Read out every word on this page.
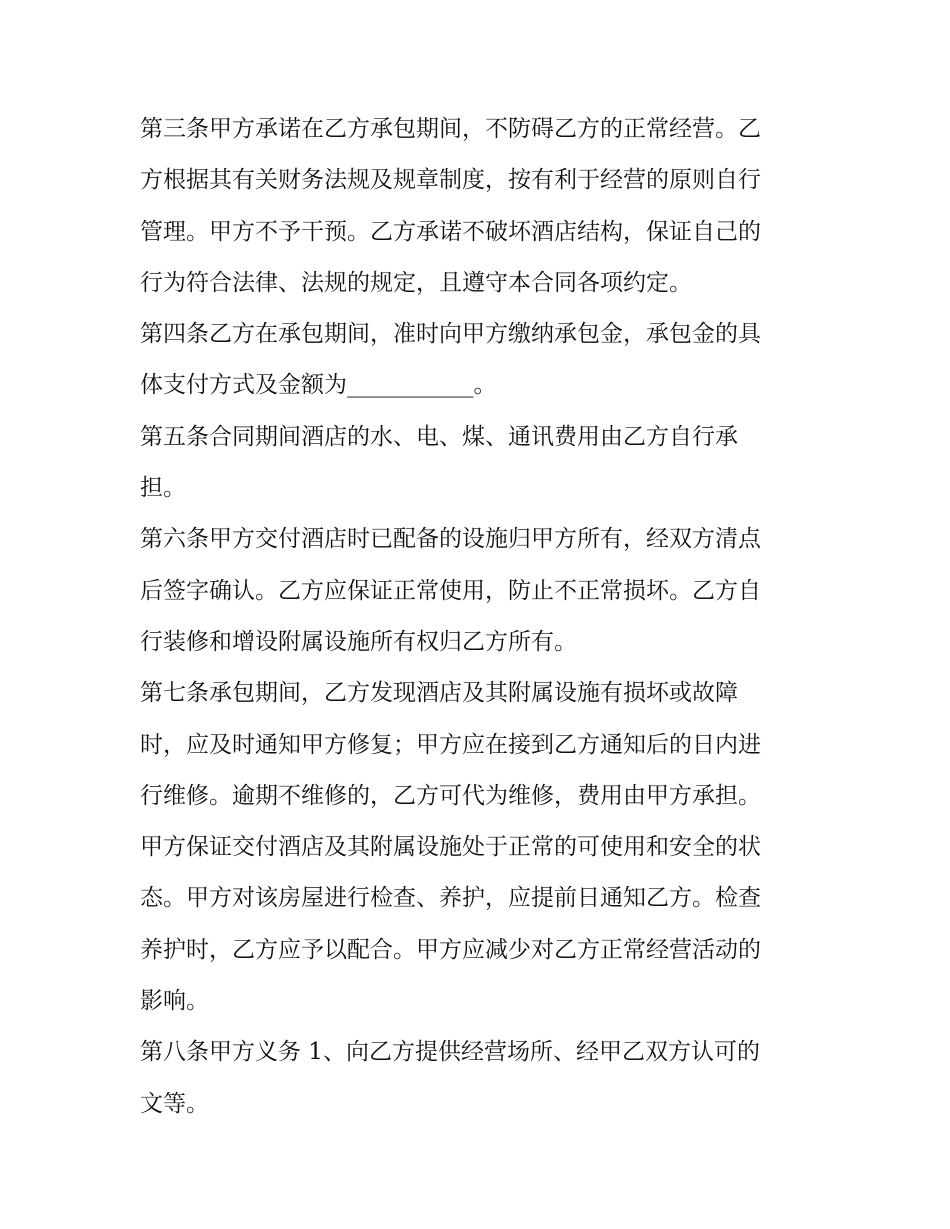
第三条甲方承诺在乙方承包期间，不防碍乙方的正常经营。乙
方根据其有关财务法规及规章制度，按有利于经营的原则自行
管理。甲方不予干预。乙方承诺不破坏酒店结构，保证自己的
行为符合法律、法规的规定，且遵守本合同各项约定。
第四条乙方在承包期间，准时向甲方缴纳承包金，承包金的具
体支付方式及金额为___________。
第五条合同期间酒店的水、电、煤、通讯费用由乙方自行承
担。
第六条甲方交付酒店时已配备的设施归甲方所有，经双方清点
后签字确认。乙方应保证正常使用，防止不正常损坏。乙方自
行装修和增设附属设施所有权归乙方所有。
第七条承包期间，乙方发现酒店及其附属设施有损坏或故障
时，应及时通知甲方修复；甲方应在接到乙方通知后的日内进
行维修。逾期不维修的，乙方可代为维修，费用由甲方承担。
甲方保证交付酒店及其附属设施处于正常的可使用和安全的状
态。甲方对该房屋进行检查、养护，应提前日通知乙方。检查
养护时，乙方应予以配合。甲方应减少对乙方正常经营活动的
影响。
第八条甲方义务 1、向乙方提供经营场所、经甲乙双方认可的
文等。
